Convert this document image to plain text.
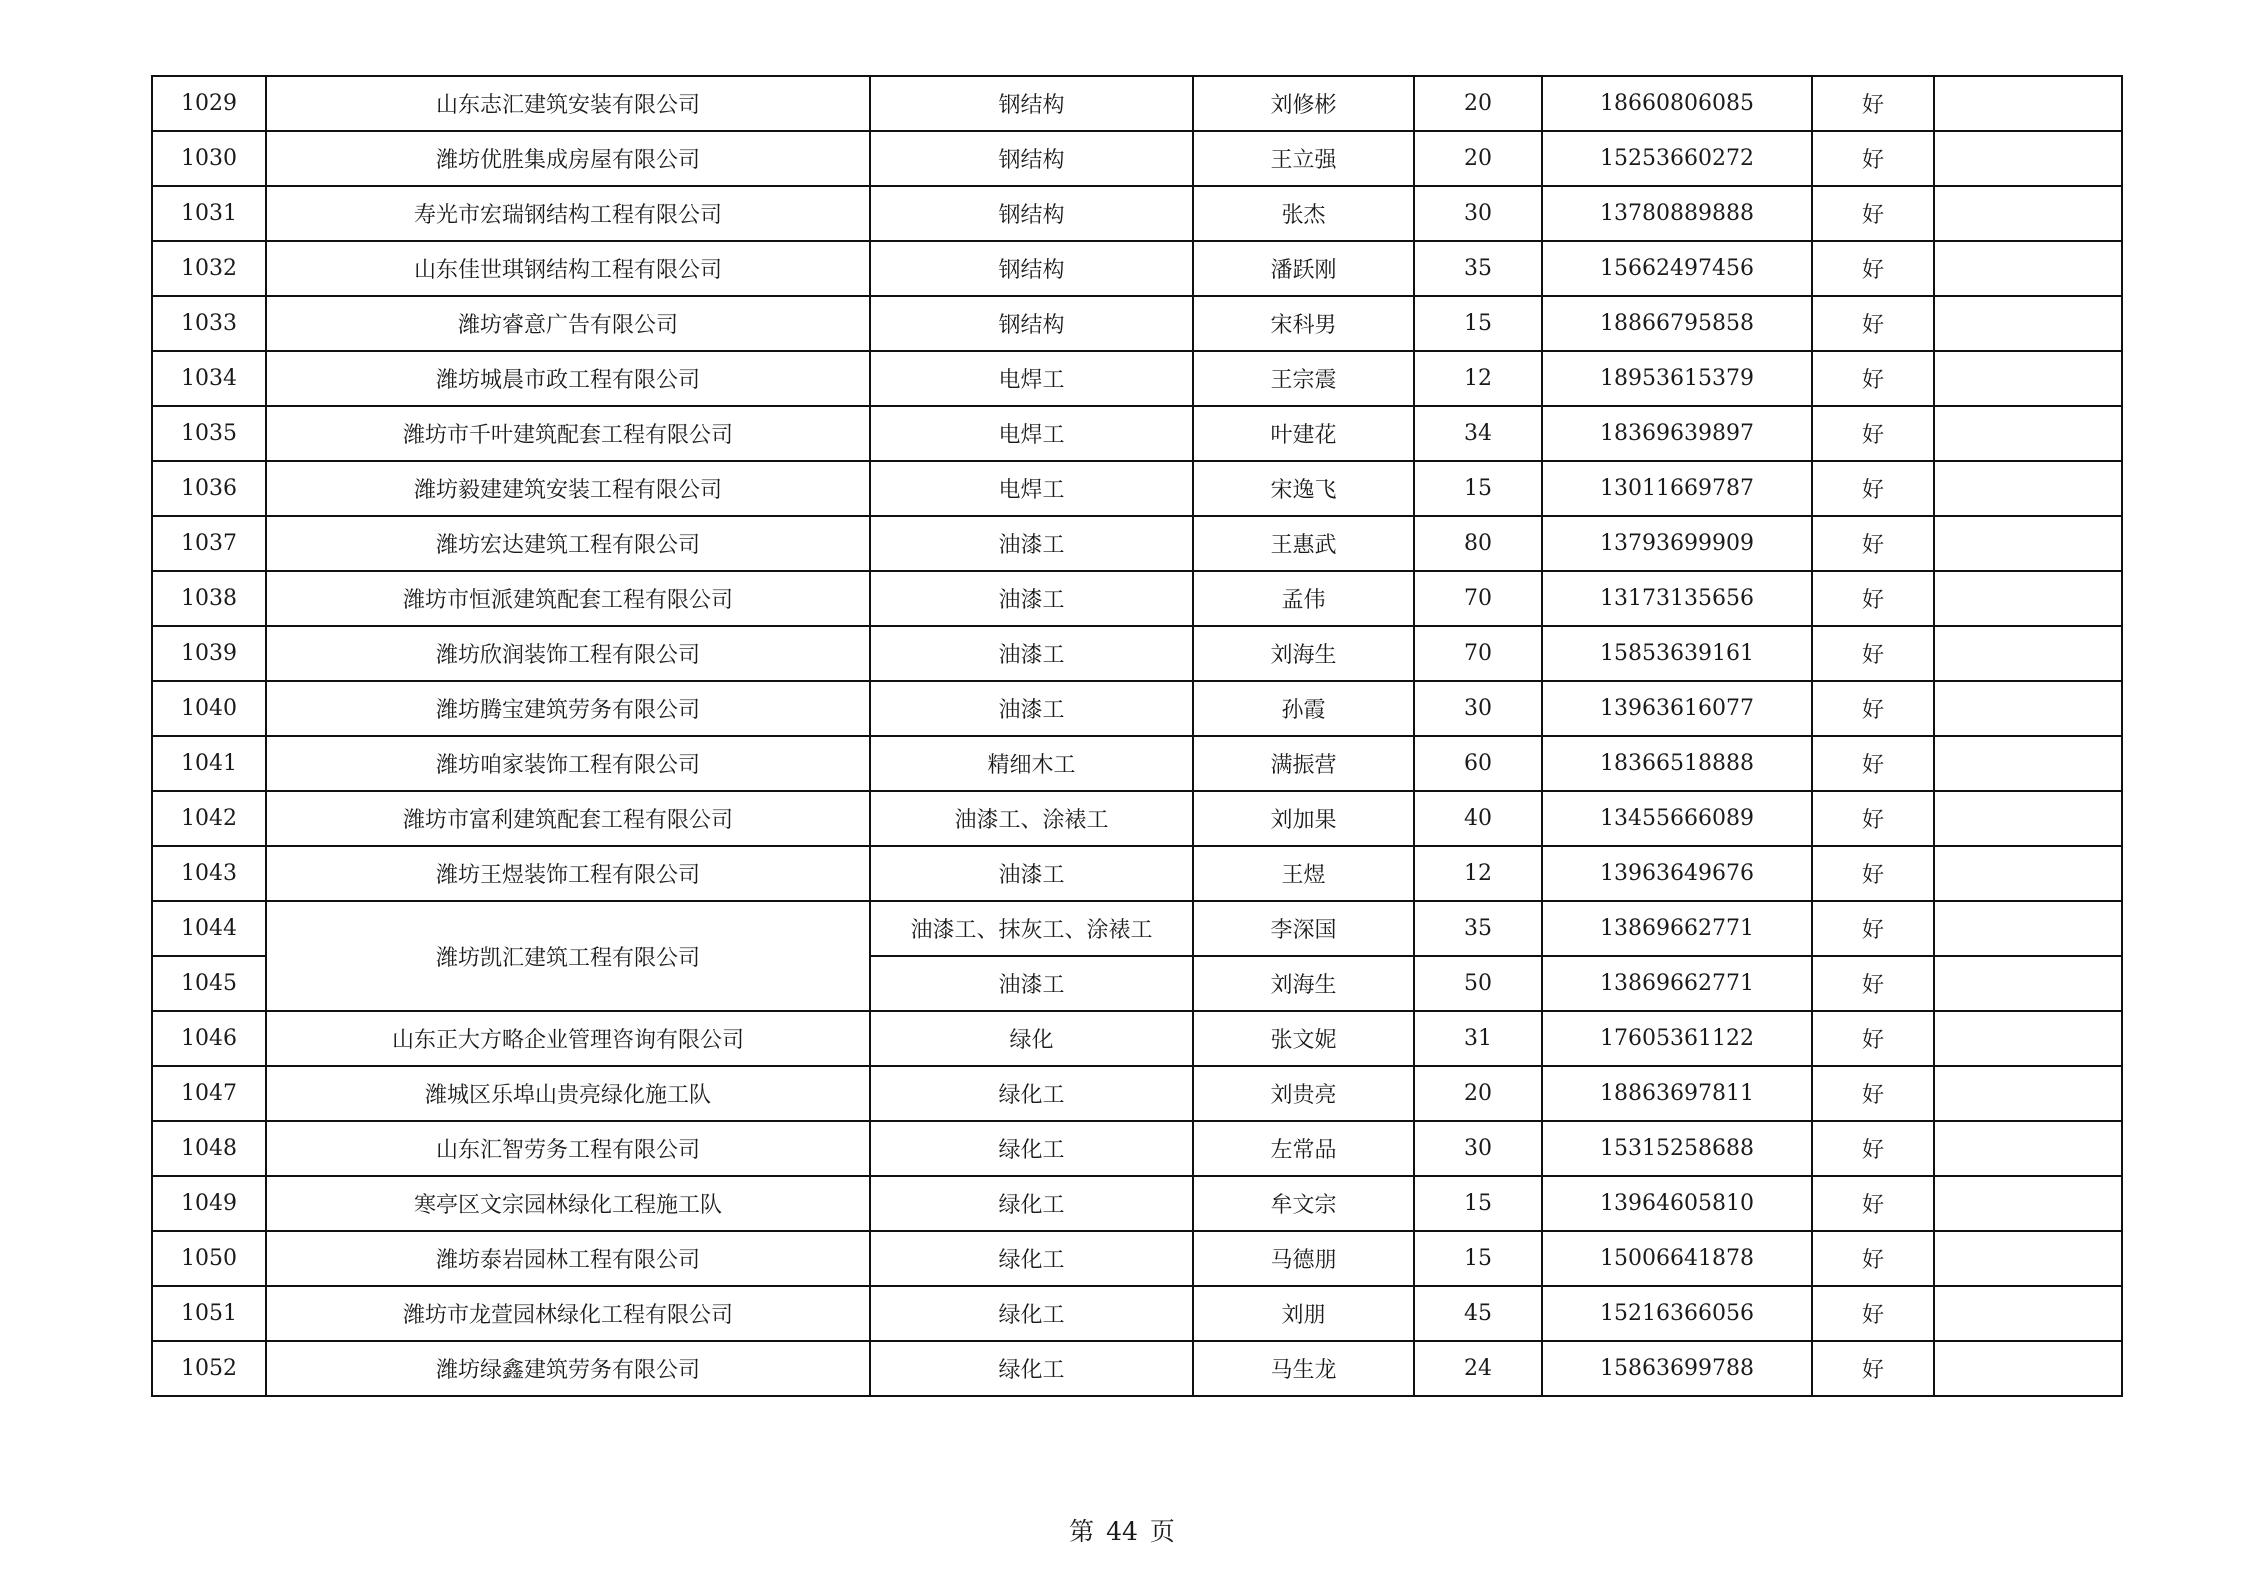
1029	山东志汇建筑安装有限公司	钢结构	刘修彬	20	18660806085	好	
1030	潍坊优胜集成房屋有限公司	钢结构	王立强	20	15253660272	好	
1031	寿光市宏瑞钢结构工程有限公司	钢结构	张杰	30	13780889888	好	
1032	山东佳世琪钢结构工程有限公司	钢结构	潘跃刚	35	15662497456	好	
1033	潍坊睿意广告有限公司	钢结构	宋科男	15	18866795858	好	
1034	潍坊城晨市政工程有限公司	电焊工	王宗震	12	18953615379	好	
1035	潍坊市千叶建筑配套工程有限公司	电焊工	叶建花	34	18369639897	好	
1036	潍坊毅建建筑安装工程有限公司	电焊工	宋逸飞	15	13011669787	好	
1037	潍坊宏达建筑工程有限公司	油漆工	王惠武	80	13793699909	好	
1038	潍坊市恒派建筑配套工程有限公司	油漆工	孟伟	70	13173135656	好	
1039	潍坊欣润装饰工程有限公司	油漆工	刘海生	70	15853639161	好	
1040	潍坊腾宝建筑劳务有限公司	油漆工	孙霞	30	13963616077	好	
1041	潍坊咱家装饰工程有限公司	精细木工	满振营	60	18366518888	好	
1042	潍坊市富利建筑配套工程有限公司	油漆工、涂裱工	刘加果	40	13455666089	好	
1043	潍坊王煜装饰工程有限公司	油漆工	王煜	12	13963649676	好	
1044	潍坊凯汇建筑工程有限公司	油漆工、抹灰工、涂裱工	李深国	35	13869662771	好	
1045		油漆工	刘海生	50	13869662771	好	
1046	山东正大方略企业管理咨询有限公司	绿化	张文妮	31	17605361122	好	
1047	潍城区乐埠山贵亮绿化施工队	绿化工	刘贵亮	20	18863697811	好	
1048	山东汇智劳务工程有限公司	绿化工	左常品	30	15315258688	好	
1049	寒亭区文宗园林绿化工程施工队	绿化工	牟文宗	15	13964605810	好	
1050	潍坊泰岩园林工程有限公司	绿化工	马德朋	15	15006641878	好	
1051	潍坊市龙萱园林绿化工程有限公司	绿化工	刘朋	45	15216366056	好	
1052	潍坊绿鑫建筑劳务有限公司	绿化工	马生龙	24	15863699788	好	
第 44 页
